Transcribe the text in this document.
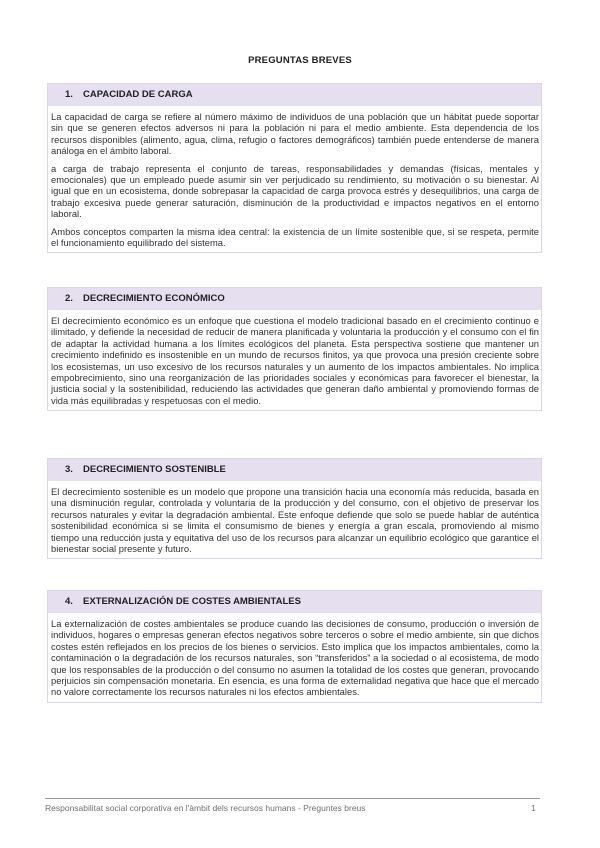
PREGUNTAS BREVES
1. CAPACIDAD DE CARGA

La capacidad de carga se refiere al número máximo de individuos de una población que un hábitat puede soportar sin que se generen efectos adversos ni para la población ni para el medio ambiente. Esta dependencia de los recursos disponibles (alimento, agua, clima, refugio o factores demográficos) también puede entenderse de manera análoga en el ámbito laboral.

a carga de trabajo representa el conjunto de tareas, responsabilidades y demandas (físicas, mentales y emocionales) que un empleado puede asumir sin ver perjudicado su rendimiento, su motivación o su bienestar. Al igual que en un ecosistema, donde sobrepasar la capacidad de carga provoca estrés y desequilibrios, una carga de trabajo excesiva puede generar saturación, disminución de la productividad e impactos negativos en el entorno laboral.

Ambos conceptos comparten la misma idea central: la existencia de un límite sostenible que, si se respeta, permite el funcionamiento equilibrado del sistema.

2. DECRECIMIENTO ECONÓMICO

El decrecimiento económico es un enfoque que cuestiona el modelo tradicional basado en el crecimiento continuo e ilimitado, y defiende la necesidad de reducir de manera planificada y voluntaria la producción y el consumo con el fin de adaptar la actividad humana a los límites ecológicos del planeta. Esta perspectiva sostiene que mantener un crecimiento indefinido es insostenible en un mundo de recursos finitos, ya que provoca una presión creciente sobre los ecosistemas, un uso excesivo de los recursos naturales y un aumento de los impactos ambientales. No implica empobrecimiento, sino una reorganización de las prioridades sociales y económicas para favorecer el bienestar, la justicia social y la sostenibilidad, reduciendo las actividades que generan daño ambiental y promoviendo formas de vida más equilibradas y respetuosas con el medio.

3. DECRECIMIENTO SOSTENIBLE

El decrecimiento sostenible es un modelo que propone una transición hacia una economía más reducida, basada en una disminución regular, controlada y voluntaria de la producción y del consumo, con el objetivo de preservar los recursos naturales y evitar la degradación ambiental. Este enfoque defiende que solo se puede hablar de auténtica sostenibilidad económica si se limita el consumismo de bienes y energía a gran escala, promoviendo al mismo tiempo una reducción justa y equitativa del uso de los recursos para alcanzar un equilibrio ecológico que garantice el bienestar social presente y futuro.

4. EXTERNALIZACIÓN DE COSTES AMBIENTALES

La externalización de costes ambientales se produce cuando las decisiones de consumo, producción o inversión de individuos, hogares o empresas generan efectos negativos sobre terceros o sobre el medio ambiente, sin que dichos costes estén reflejados en los precios de los bienes o servicios. Esto implica que los impactos ambientales, como la contaminación o la degradación de los recursos naturales, son “transferidos” a la sociedad o al ecosistema, de modo que los responsables de la producción o del consumo no asumen la totalidad de los costes que generan, provocando perjuicios sin compensación monetaria. En esencia, es una forma de externalidad negativa que hace que el mercado no valore correctamente los recursos naturales ni los efectos ambientales.

Responsabilitat social corporativa en l'àmbit dels recursos humans - Preguntes breus	1
